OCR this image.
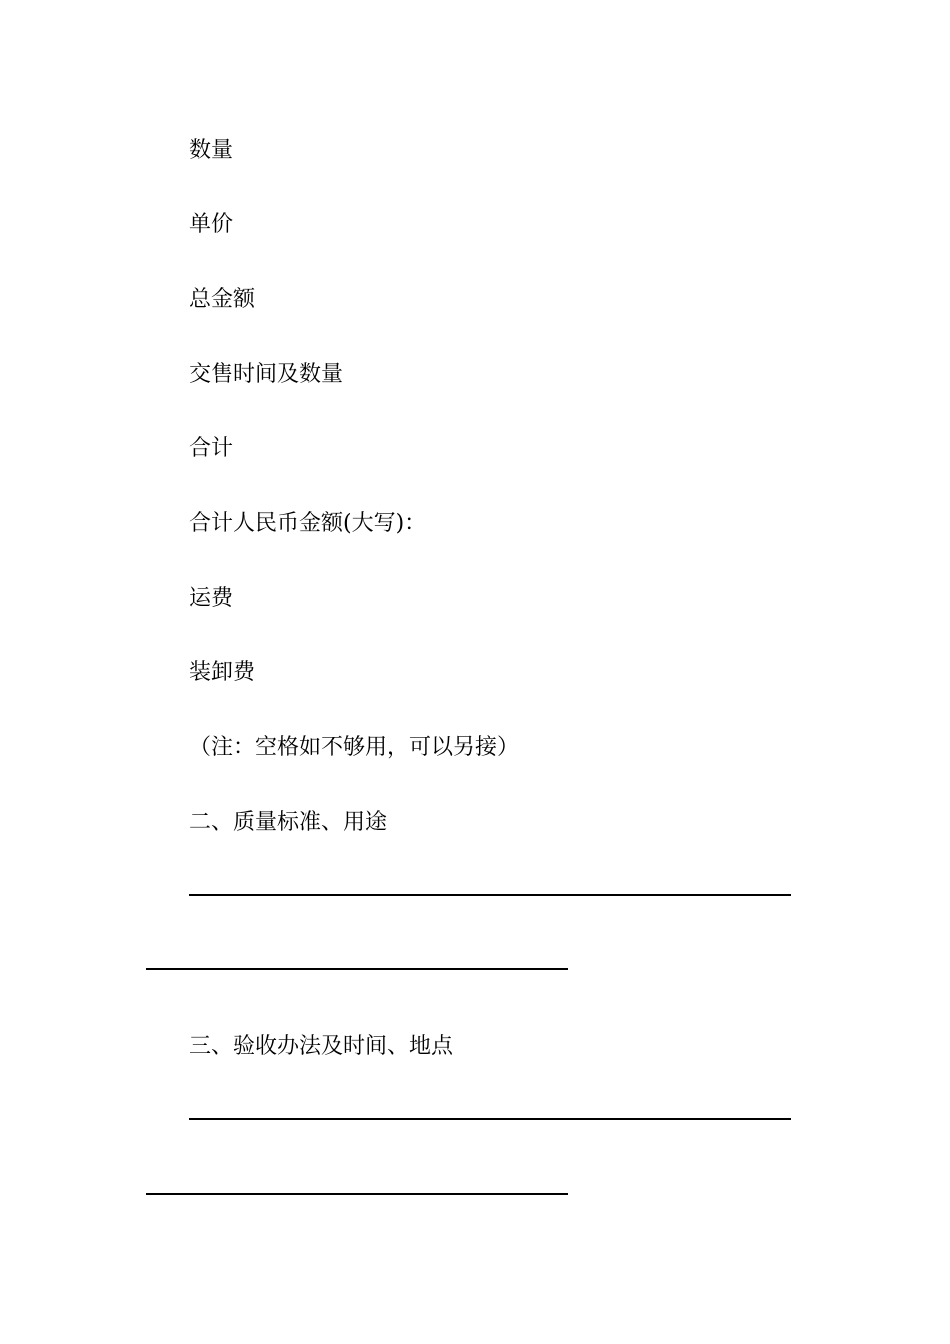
数量
单价
总金额
交售时间及数量
合计
合计人民币金额(大写)：
运费
装卸费
（注：空格如不够用，可以另接）
二、质量标准、用途
三、验收办法及时间、地点
